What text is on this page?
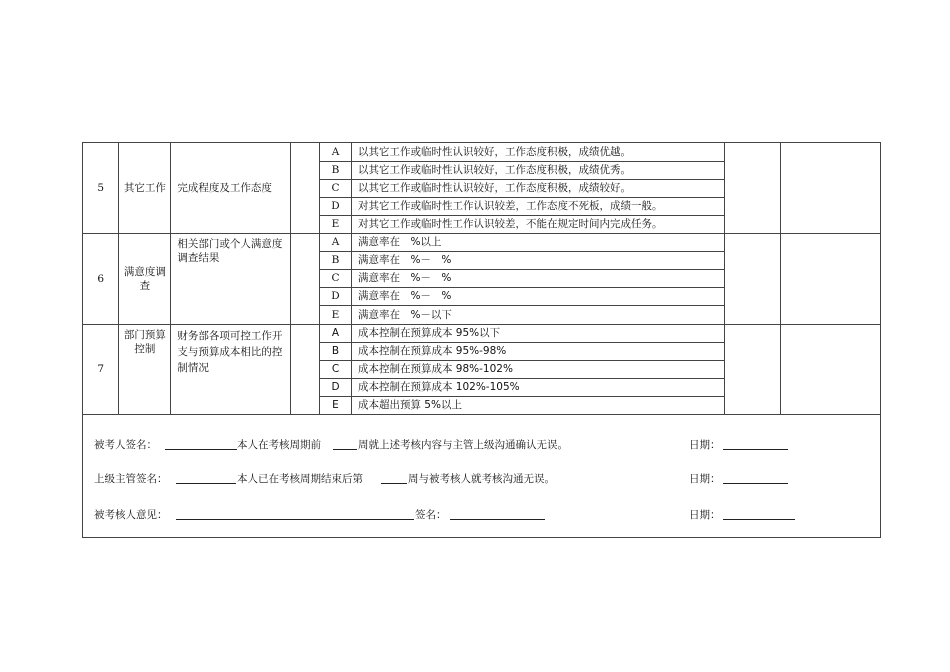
5	其它工作	完成程度及工作态度		A	以其它工作或临时性认识较好，工作态度积极，成绩优越。		
				B	以其它工作或临时性认识较好，工作态度积极，成绩优秀。		
				C	以其它工作或临时性认识较好，工作态度积极，成绩较好。		
				D	对其它工作或临时性工作认识较差，工作态度不死板，成绩一般。		
				E	对其它工作或临时性工作认识较差，不能在规定时间内完成任务。		
6	满意度调查	相关部门或个人满意度调查结果		A	满意率在　%以上		
				B	满意率在　%－　%		
				C	满意率在　%－　%		
				D	满意率在　%－　%		
				E	满意率在　%－以下		
7	部门预算控制	财务部各项可控工作开支与预算成本相比的控制情况		A	成本控制在预算成本 95%以下		
				B	成本控制在预算成本 95%-98%		
				C	成本控制在预算成本 98%-102%		
				D	成本控制在预算成本 102%-105%		
				E	成本超出预算 5%以上		
被考人签名：	本人在考核周期前	周就上述考核内容与主管上级沟通确认无误。	日期：
上级主管签名：	本人已在考核周期结束后第	周与被考核人就考核沟通无误。	日期：
被考核人意见：	签名：	日期：
